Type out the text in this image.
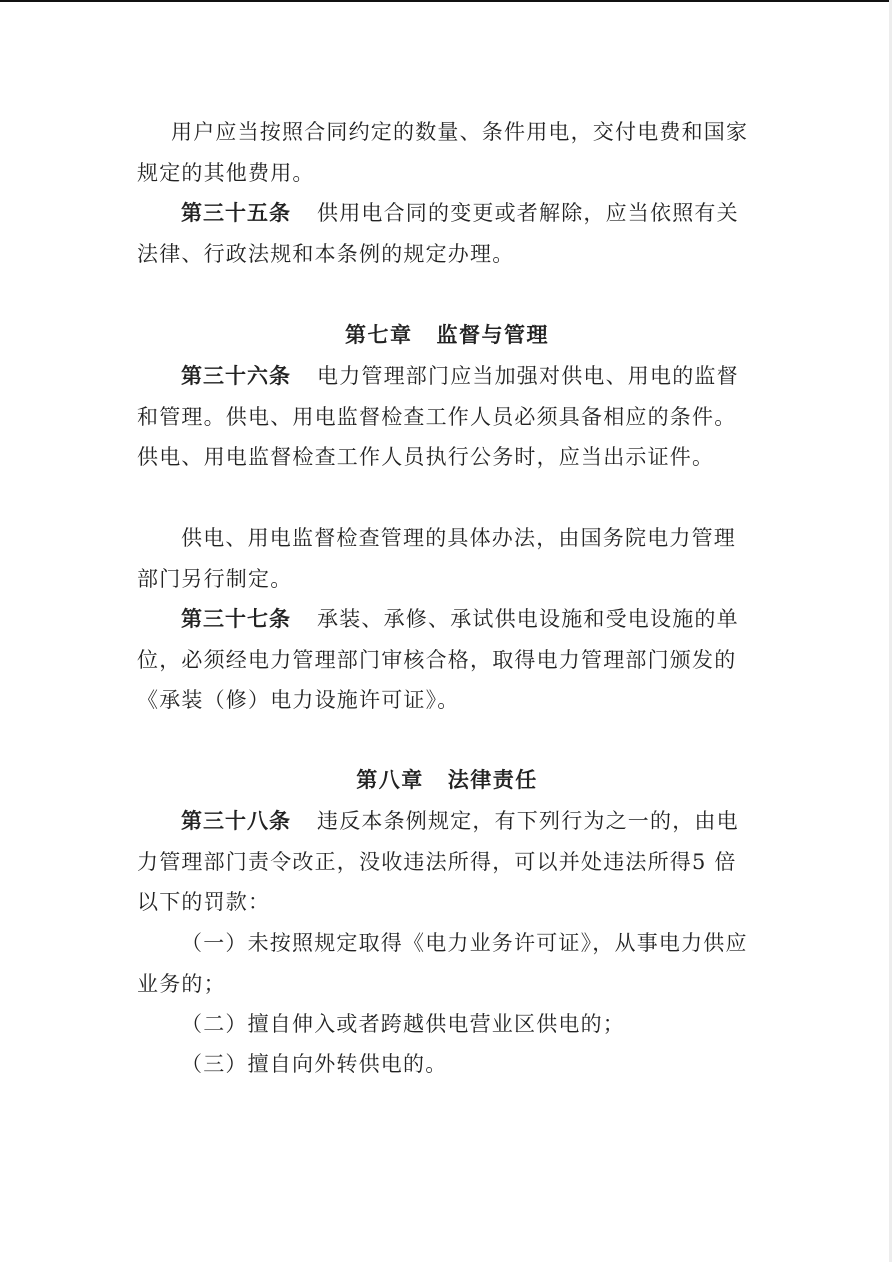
用户应当按照合同约定的数量、条件用电，交付电费和国家规定的其他费用。

第三十五条 供用电合同的变更或者解除，应当依照有关法律、行政法规和本条例的规定办理。

第七章 监督与管理

第三十六条 电力管理部门应当加强对供电、用电的监督和管理。供电、用电监督检查工作人员必须具备相应的条件。供电、用电监督检查工作人员执行公务时，应当出示证件。

供电、用电监督检查管理的具体办法，由国务院电力管理部门另行制定。

第三十七条 承装、承修、承试供电设施和受电设施的单位，必须经电力管理部门审核合格，取得电力管理部门颁发的《承装（修）电力设施许可证》。

第八章 法律责任

第三十八条 违反本条例规定，有下列行为之一的，由电力管理部门责令改正，没收违法所得，可以并处违法所得5 倍以下的罚款：

（一）未按照规定取得《电力业务许可证》，从事电力供应业务的；

（二）擅自伸入或者跨越供电营业区供电的；

（三）擅自向外转供电的。
